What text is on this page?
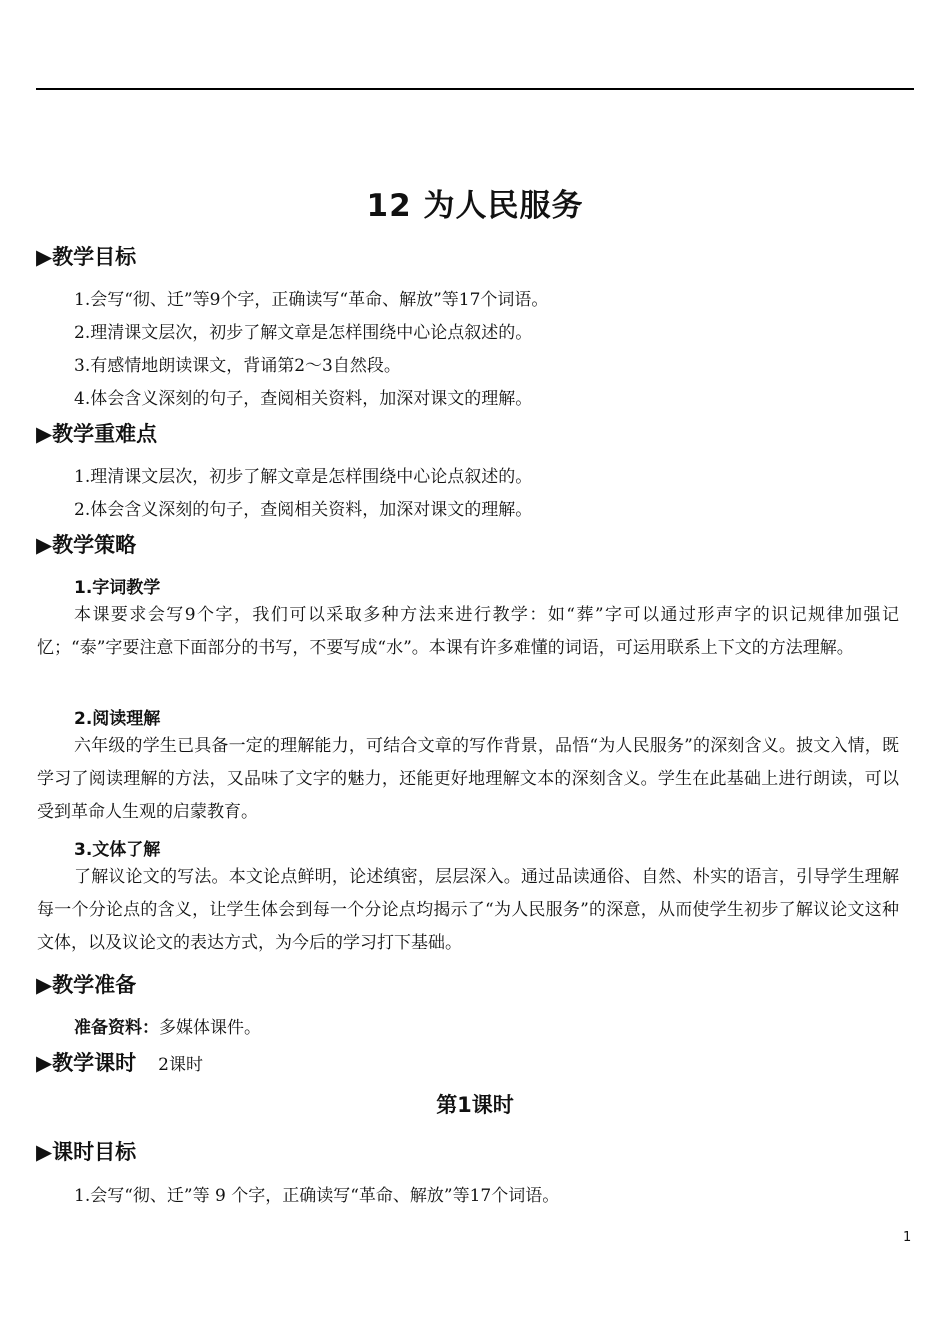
12 为人民服务
▶教学目标
1.会写“彻、迁”等9个字，正确读写“革命、解放”等17个词语。
2.理清课文层次，初步了解文章是怎样围绕中心论点叙述的。
3.有感情地朗读课文，背诵第2～3自然段。
4.体会含义深刻的句子，查阅相关资料，加深对课文的理解。
▶教学重难点
1.理清课文层次，初步了解文章是怎样围绕中心论点叙述的。
2.体会含义深刻的句子，查阅相关资料，加深对课文的理解。
▶教学策略
1.字词教学

本课要求会写9个字，我们可以采取多种方法来进行教学：如“葬”字可以通过形声字的识记规律加强记忆；“泰”字要注意下面部分的书写，不要写成“水”。本课有许多难懂的词语，可运用联系上下文的方法理解。

2.阅读理解

六年级的学生已具备一定的理解能力，可结合文章的写作背景，品悟“为人民服务”的深刻含义。披文入情，既学习了阅读理解的方法，又品味了文字的魅力，还能更好地理解文本的深刻含义。学生在此基础上进行朗读，可以受到革命人生观的启蒙教育。

3.文体了解

了解议论文的写法。本文论点鲜明，论述缜密，层层深入。通过品读通俗、自然、朴实的语言，引导学生理解每一个分论点的含义，让学生体会到每一个分论点均揭示了“为人民服务”的深意，从而使学生初步了解议论文这种文体，以及议论文的表达方式，为今后的学习打下基础。

▶教学准备
准备资料：多媒体课件。
▶教学课时 2课时
第1课时
▶课时目标
1.会写“彻、迁”等 9 个字，正确读写“革命、解放”等17个词语。
1
